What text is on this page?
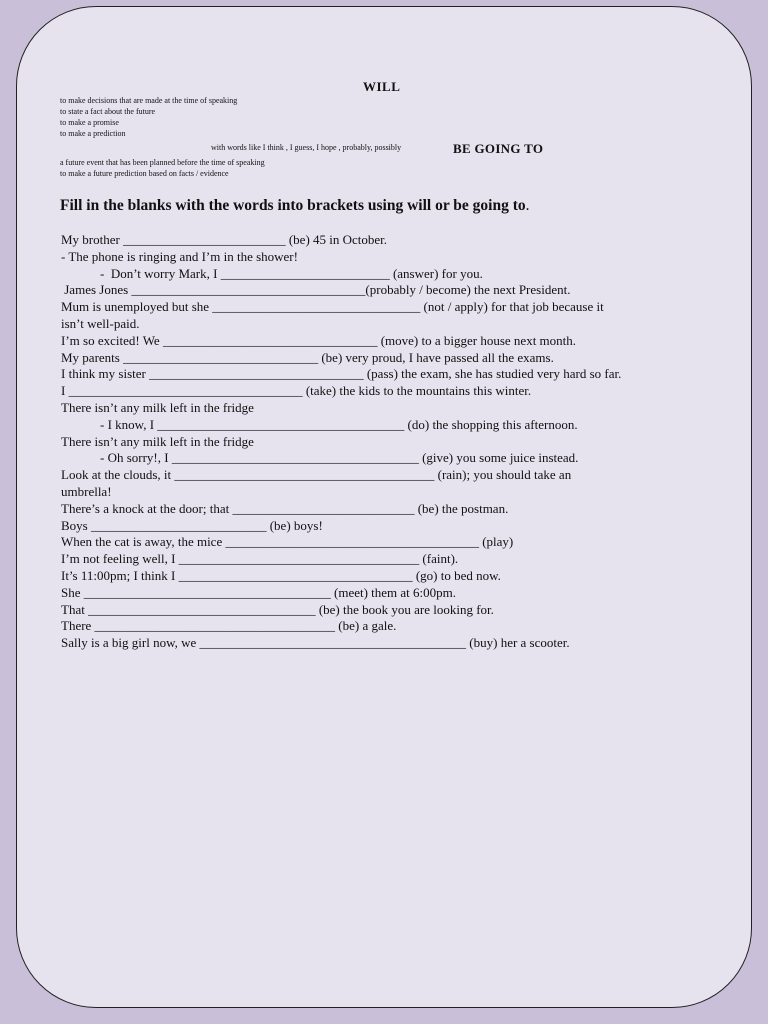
WILL
to make decisions that are made at the time of speaking
to state a fact about the future
to make a promise
to make a prediction
with words like I think , I guess, I hope , probably, possibly	BE GOING TO
a future event that has been planned before the time of speaking
to make a future prediction based on facts / evidence
Fill in the blanks with the words into brackets using will or be going to.
My brother _________________________ (be) 45 in October.
- The phone is ringing and I’m in the shower!
-  Don’t worry Mark, I __________________________ (answer) for you.
James Jones ____________________________________(probably / become) the next President.
Mum is unemployed but she ________________________________ (not / apply) for that job because it
isn’t well-paid.
I’m so excited! We _________________________________ (move) to a bigger house next month.
My parents ______________________________ (be) very proud, I have passed all the exams.
I think my sister _________________________________ (pass) the exam, she has studied very hard so far.
I ____________________________________ (take) the kids to the mountains this winter.
There isn’t any milk left in the fridge
- I know, I ______________________________________ (do) the shopping this afternoon.
There isn’t any milk left in the fridge
- Oh sorry!, I ______________________________________ (give) you some juice instead.
Look at the clouds, it ________________________________________ (rain); you should take an
umbrella!
There’s a knock at the door; that ____________________________ (be) the postman.
Boys ___________________________ (be) boys!
When the cat is away, the mice _______________________________________ (play)
I’m not feeling well, I _____________________________________ (faint).
It’s 11:00pm; I think I ____________________________________ (go) to bed now.
She ______________________________________ (meet) them at 6:00pm.
That ___________________________________ (be) the book you are looking for.
There _____________________________________ (be) a gale.
Sally is a big girl now, we _________________________________________ (buy) her a scooter.
